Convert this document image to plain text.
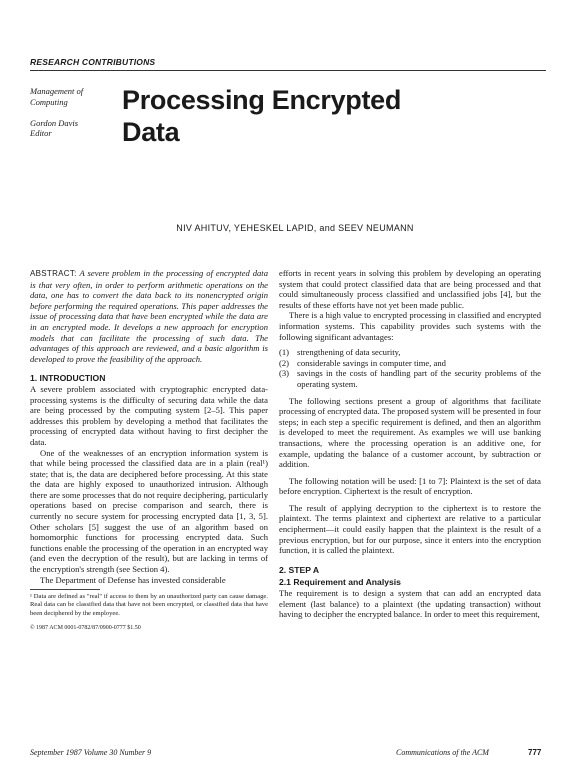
RESEARCH CONTRIBUTIONS
Management of Computing
Gordon Davis
Editor
Processing Encrypted
Data
NIV AHITUV, YEHESKEL LAPID, and SEEV NEUMANN

ABSTRACT: A severe problem in the processing of encrypted data is that very often, in order to perform arithmetic operations on the data, one has to convert the data back to its nonencrypted origin before performing the required operations. This paper addresses the issue of processing data that have been encrypted while the data are in an encrypted mode. It develops a new approach for encryption models that can facilitate the processing of such data. The advantages of this approach are reviewed, and a basic algorithm is developed to prove the feasibility of the approach.

1. INTRODUCTION

A severe problem associated with cryptographic encrypted data-processing systems is the difficulty of securing data while the data are being processed by the computing system [2–5]. This paper addresses this problem by developing a method that facilitates the processing of encrypted data without having to first decipher the data.

One of the weaknesses of an encryption information system is that while being processed the classified data are in a plain (real¹) state; that is, the data are deciphered before processing. At this state the data are highly exposed to unauthorized intrusion. Although there are some processes that do not require deciphering, particularly operations based on precise comparison and search, there is currently no secure system for processing encrypted data [1, 3, 5]. Other scholars [5] suggest the use of an algorithm based on homomorphic functions for processing encrypted data. Such functions enable the processing of the operation in an encrypted way (and even the decryption of the result), but are lacking in terms of the encryption's strength (see Section 4).

The Department of Defense has invested considerable

¹ Data are defined as "real" if access to them by an unauthorized party can cause damage. Real data can be classified data that have not been encrypted, or classified data that have been deciphered by the employee.

© 1987 ACM 0001-0782/87/0900-0777 $1.50

efforts in recent years in solving this problem by developing an operating system that could protect classified data that are being processed and that could simultaneously process classified and unclassified jobs [4], but the results of these efforts have not yet been made public.

There is a high value to encrypted processing in classified and encrypted information systems. This capability provides such systems with the following significant advantages:

(1) strengthening of data security,
(2) considerable savings in computer time, and
(3) savings in the costs of handling part of the security problems of the operating system.

The following sections present a group of algorithms that facilitate processing of encrypted data. The proposed system will be presented in four steps; in each step a specific requirement is defined, and then an algorithm is developed to meet the requirement. As examples we will use banking transactions, where the processing operation is an additive one, for example, updating the balance of a customer account, by subtraction or addition.

The following notation will be used: [1 to 7]: Plaintext is the set of data before encryption. Ciphertext is the result of encryption.

The result of applying decryption to the ciphertext is to restore the plaintext. The terms plaintext and ciphertext are relative to a particular encipherment—it could easily happen that the plaintext is the result of a previous encryption, but for our purpose, since it enters into the encryption function, it is called the plaintext.

2. STEP A

2.1 Requirement and Analysis

The requirement is to design a system that can add an encrypted data element (last balance) to a plaintext (the updating transaction) without having to decipher the encrypted balance. In order to meet this requirement,

September 1987 Volume 30 Number 9	Communications of the ACM	777
